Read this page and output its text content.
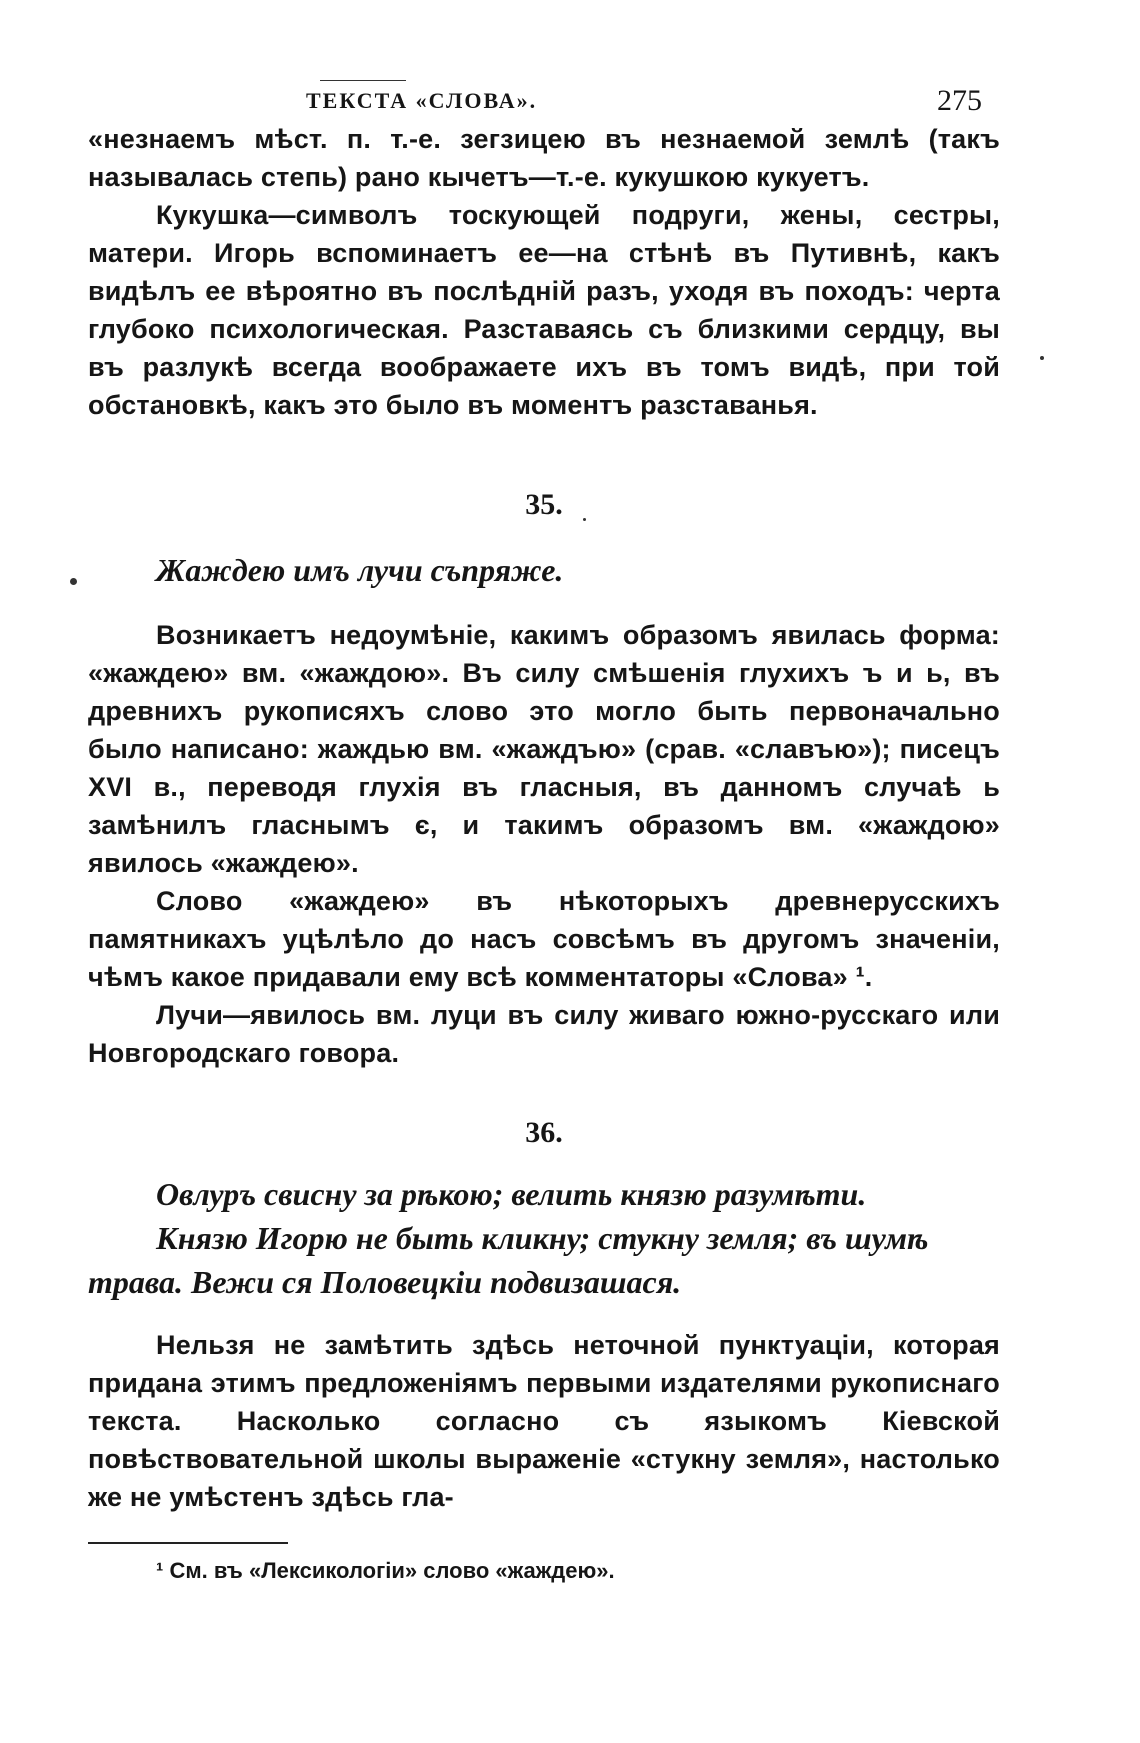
ТЕКСТА «СЛОВА».	275

«незнаемъ мѣст. п. т.-е. зегзицею въ незнаемой землѣ (такъ называлась степь) рано кычетъ—т.-е. кукушкою кукуетъ.

Кукушка—символъ тоскующей подруги, жены, сестры, матери. Игорь вспоминаетъ ее—на стѣнѣ въ Путивнѣ, какъ видѣлъ ее вѣроятно въ послѣднiй разъ, уходя въ походъ: черта глубоко психологическая. Разставаясь съ близкими сердцу, вы въ разлукѣ всегда воображаете ихъ въ томъ видѣ, при той обстановкѣ, какъ это было въ моментъ разставанья.

35.
Жаждею имъ лучи съпряже.

Возникаетъ недоумѣніе, какимъ образомъ явилась форма: «жаждею» вм. «жаждою». Въ силу смѣшенія глухихъ ъ и ь, въ древнихъ рукописяхъ слово это могло быть первоначально было написано: жаждью вм. «жаждъю» (срав. «славъю»); писецъ XVI в., переводя глухія въ гласныя, въ данномъ случаѣ ь замѣнилъ гласнымъ є, и такимъ образомъ вм. «жаждою» явилось «жаждею».

Слово «жаждею» въ нѣкоторыхъ древнерусскихъ памятникахъ уцѣлѣло до насъ совсѣмъ въ другомъ значеніи, чѣмъ какое придавали ему всѣ комментаторы «Слова» ¹.

Лучи—явилось вм. луци въ силу живаго южно-русскаго или Новгородскаго говора.

36.
Овлуръ свисну за рѣкою; велить князю разумѣти.
Князю Игорю не быть кликну; стукну земля; въ шумѣ трава. Вежи ся Половецкіи подвизашася.

Нельзя не замѣтить здѣсь неточной пунктуаціи, которая придана этимъ предложеніямъ первыми издателями рукописнаго текста. Насколько согласно съ языкомъ Кіевской повѣствовательной школы выраженіе «стукну земля», настолько же не умѣстенъ здѣсь гла-

¹ См. въ «Лексикологіи» слово «жаждею».
